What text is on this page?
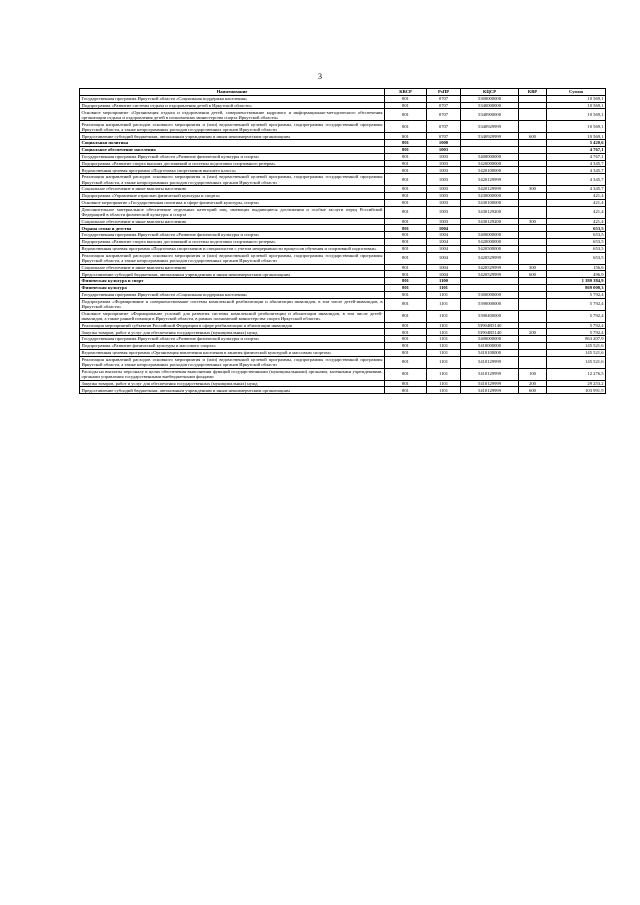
3
Наименование	КВСР	РзПР	КЦСР	КВР	Сумма
Государственная программа Иркутской области «Социальная поддержка населения»	801	0707	5300000000		10 569,1
Подпрограмма «Развитие системы отдыха и оздоровления детей в Иркутской области»	801	0707	5340000000		10 569,1
Основное мероприятие «Организация отдыха и оздоровления детей, совершенствование кадрового и информационно-методического обеспечения организации отдыха и оздоровления детей в полномочиях министерства спорта Иркутской области»	801	0707	5340900000		10 569,1
Реализация направлений расходов основного мероприятия и (или) ведомственной целевой программы, подпрограммы государственной программы Иркутской области, а также непрограммных расходов государственных органов Иркутской области	801	0707	5340929999		10 569,1
Предоставление субсидий бюджетным, автономным учреждениям и иным некоммерческим организациям	801	0707	5340929999	600	10 569,1
Социальная политика	801	1000			5 420,6
Социальное обеспечение населения	801	1003			4 767,1
Государственная программа Иркутской области «Развитие физической культуры и спорта»	801	1003	5400000000		4 767,1
Подпрограмма «Развитие спорта высших достижений и системы подготовки спортивного резерва»	801	1003	5420000000		4 345,7
Ведомственная целевая программа «Подготовка спортсменов высшего класса»	801	1003	5420100000		4 345,7
Реализация направлений расходов основного мероприятия и (или) ведомственной целевой программы, подпрограммы государственной программы Иркутской области, а также непрограммных расходов государственных органов Иркутской области	801	1003	5420129999		4 345,7
Социальное обеспечение и иные выплаты населению	801	1003	5420129999	300	4 345,7
Подпрограмма «Управление отраслью физической культуры и спорта»	801	1003	5430000000		421,4
Основное мероприятие «Государственная политика в сфере физической культуры, спорта»	801	1003	5430100000		421,4
Дополнительное материальное обеспечение отдельных категорий лиц, имеющих выдающиеся достижения и особые заслуги перед Российской Федерацией в области физической культуры и спорта	801	1003	5430129200		421,4
Социальное обеспечение и иные выплаты населению	801	1003	5430129200	300	421,4
Охрана семьи и детства	801	1004			653,5
Государственная программа Иркутской области «Развитие физической культуры и спорта»	801	1004	5400000000		653,5
Подпрограмма «Развитие спорта высших достижений и системы подготовки спортивного резерва»	801	1004	5420000000		653,5
Ведомственная целевая программа «Подготовка спортсменов и специалистов с учетом непрерывности процессов обучения и спортивной подготовки»	801	1004	5420500000		653,5
Реализация направлений расходов основного мероприятия и (или) ведомственной целевой программы, подпрограммы государственной программы Иркутской области, а также непрограммных расходов государственных органов Иркутской области	801	1004	5420529999		653,5
Социальное обеспечение и иные выплаты населению	801	1004	5420529999	300	156,6
Предоставление субсидий бюджетным, автономным учреждениям и иным некоммерческим организациям	801	1004	5420529999	600	496,9
Физическая культура и спорт	801	1100			1 380 384,9
Физическая культура	801	1101			869 000,3
Государственная программа Иркутской области «Социальная поддержка населения»	801	1101	5300000000		5 792,4
Подпрограмма «Формирование и совершенствование системы комплексной реабилитации и абилитации инвалидов, в том числе детей-инвалидов, в Иркутской области»	801	1101	5390000000		5 792,4
Основное мероприятие «Формирование условий для развития системы комплексной реабилитации и абилитации инвалидов, в том числе детей-инвалидов, а также ранней помощи в Иркутской области, в рамках полномочий министерства спорта Иркутской области»	801	1101	5390400000		5 792,4
Реализация мероприятий субъектов Российской Федерации в сфере реабилитации и абилитации инвалидов	801	1101	53904R5140		5 792,4
Закупка товаров, работ и услуг для обеспечения государственных (муниципальных) нужд	801	1101	53904R5140	200	5 792,4
Государственная программа Иркутской области «Развитие физической культуры и спорта»	801	1101	5400000000		863 207,9
Подпрограмма «Развитие физической культуры и массового спорта»	801	1101	5410000000		145 521,6
Ведомственная целевая программа «Организация вовлечения населения в занятия физической культурой и массовым спортом»	801	1101	5410100000		145 521,6
Реализация направлений расходов основного мероприятия и (или) ведомственной целевой программы, подпрограммы государственной программы Иркутской области, а также непрограммных расходов государственных органов Иркутской области	801	1101	5410129999		145 521,6
Расходы на выплаты персоналу в целях обеспечения выполнения функций государственными (муниципальными) органами, казенными учреждениями, органами управления государственными внебюджетными фондами	801	1101	5410129999	100	12 276,5
Закупка товаров, работ и услуг для обеспечения государственных (муниципальных) нужд	801	1101	5410129999	200	29 253,2
Предоставление субсидий бюджетным, автономным учреждениям и иным некоммерческим организациям	801	1101	5410129999	600	103 991,9
